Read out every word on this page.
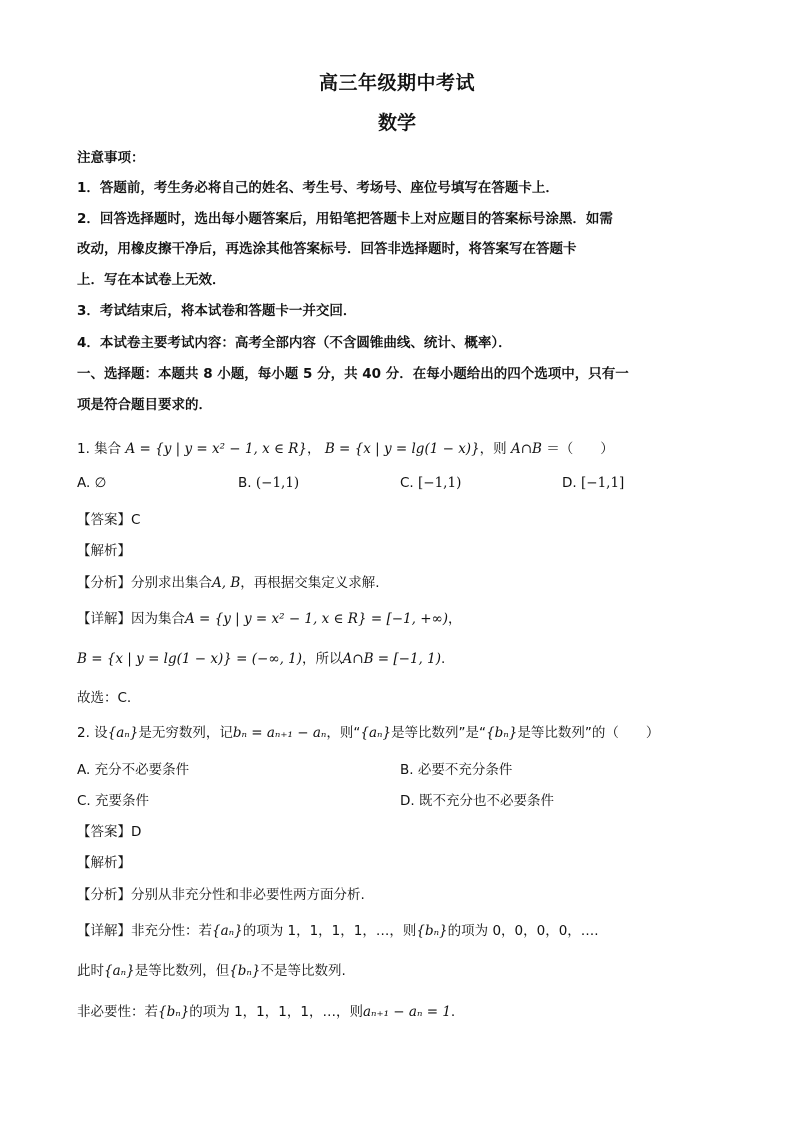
高三年级期中考试
数学
注意事项：
1．答题前，考生务必将自己的姓名、考生号、考场号、座位号填写在答题卡上．
2．回答选择题时，选出每小题答案后，用铅笔把答题卡上对应题目的答案标号涂黑．如需
改动，用橡皮擦干净后，再选涂其他答案标号．回答非选择题时，将答案写在答题卡
上．写在本试卷上无效．
3．考试结束后，将本试卷和答题卡一并交回．
4．本试卷主要考试内容：高考全部内容（不含圆锥曲线、统计、概率）．
一、选择题：本题共 8 小题，每小题 5 分，共 40 分．在每小题给出的四个选项中，只有一
项是符合题目要求的．
1. 集合 A = {y | y = x² − 1, x ∈ R}， B = {x | y = lg(1 − x)}，则 A∩B ＝（　　）
A. ∅	B. (−1,1)	C. [−1,1)	D. [−1,1]
【答案】C
【解析】
【分析】分别求出集合A, B，再根据交集定义求解.
【详解】因为集合A = {y | y = x² − 1, x ∈ R} = [−1, +∞)，
B = {x | y = lg(1 − x)} = (−∞, 1)，所以A∩B = [−1, 1).
故选：C.
2. 设{aₙ}是无穷数列，记bₙ = aₙ₊₁ − aₙ，则“{aₙ}是等比数列”是“{bₙ}是等比数列”的（　　）
A. 充分不必要条件	B. 必要不充分条件
C. 充要条件	D. 既不充分也不必要条件
【答案】D
【解析】
【分析】分别从非充分性和非必要性两方面分析.
【详解】非充分性：若{aₙ}的项为 1，1，1，1，…，则{bₙ}的项为 0，0，0，0，….
此时{aₙ}是等比数列，但{bₙ}不是等比数列.
非必要性：若{bₙ}的项为 1，1，1，1，…，则aₙ₊₁ − aₙ = 1.
